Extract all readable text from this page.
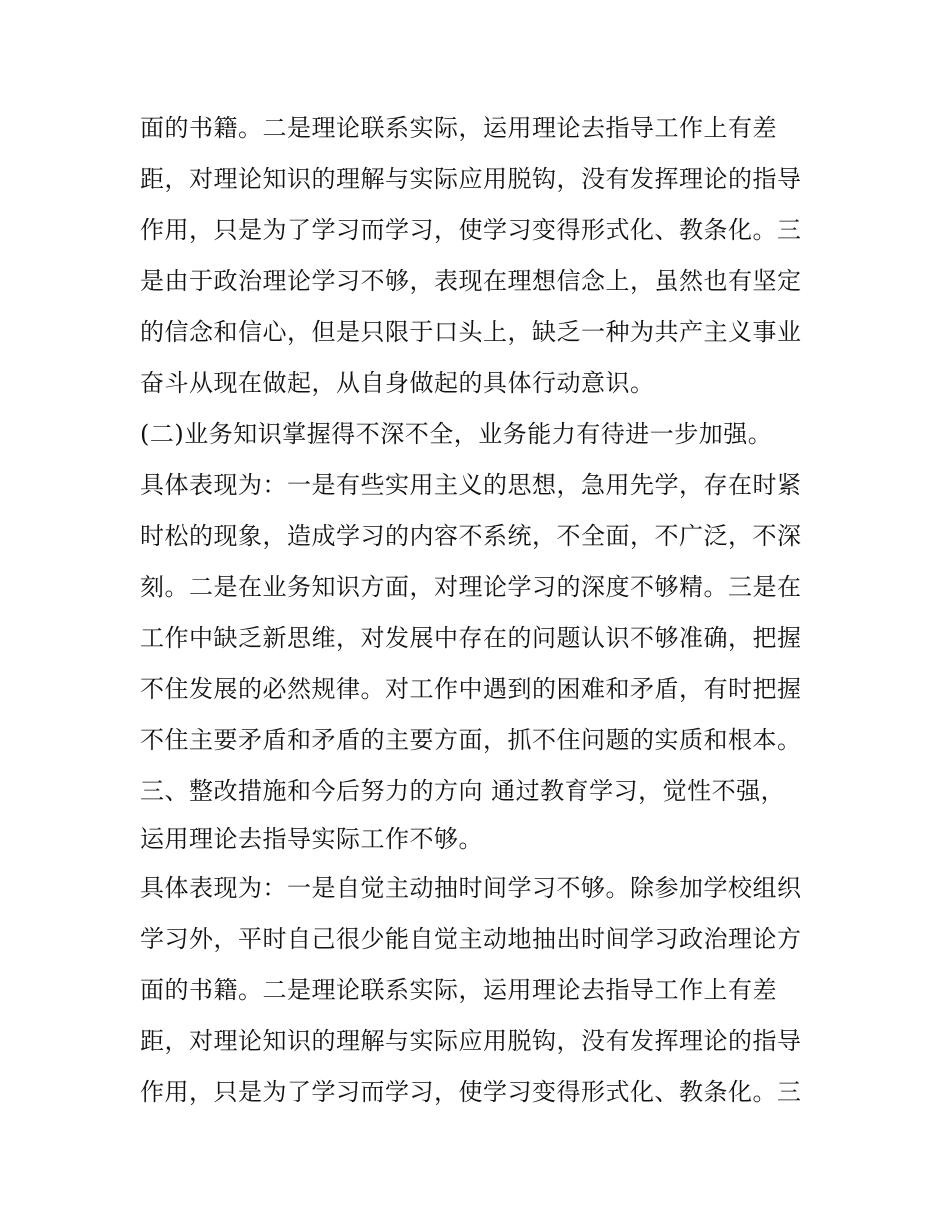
面的书籍。二是理论联系实际，运用理论去指导工作上有差

距，对理论知识的理解与实际应用脱钩，没有发挥理论的指导

作用，只是为了学习而学习，使学习变得形式化、教条化。三

是由于政治理论学习不够，表现在理想信念上，虽然也有坚定

的信念和信心，但是只限于口头上，缺乏一种为共产主义事业

奋斗从现在做起，从自身做起的具体行动意识。

(二)业务知识掌握得不深不全，业务能力有待进一步加强。

具体表现为：一是有些实用主义的思想，急用先学，存在时紧

时松的现象，造成学习的内容不系统，不全面，不广泛，不深

刻。二是在业务知识方面，对理论学习的深度不够精。三是在

工作中缺乏新思维，对发展中存在的问题认识不够准确，把握

不住发展的必然规律。对工作中遇到的困难和矛盾，有时把握

不住主要矛盾和矛盾的主要方面，抓不住问题的实质和根本。

三、整改措施和今后努力的方向 通过教育学习，觉性不强，

运用理论去指导实际工作不够。

具体表现为：一是自觉主动抽时间学习不够。除参加学校组织

学习外，平时自己很少能自觉主动地抽出时间学习政治理论方

面的书籍。二是理论联系实际，运用理论去指导工作上有差

距，对理论知识的理解与实际应用脱钩，没有发挥理论的指导

作用，只是为了学习而学习，使学习变得形式化、教条化。三
